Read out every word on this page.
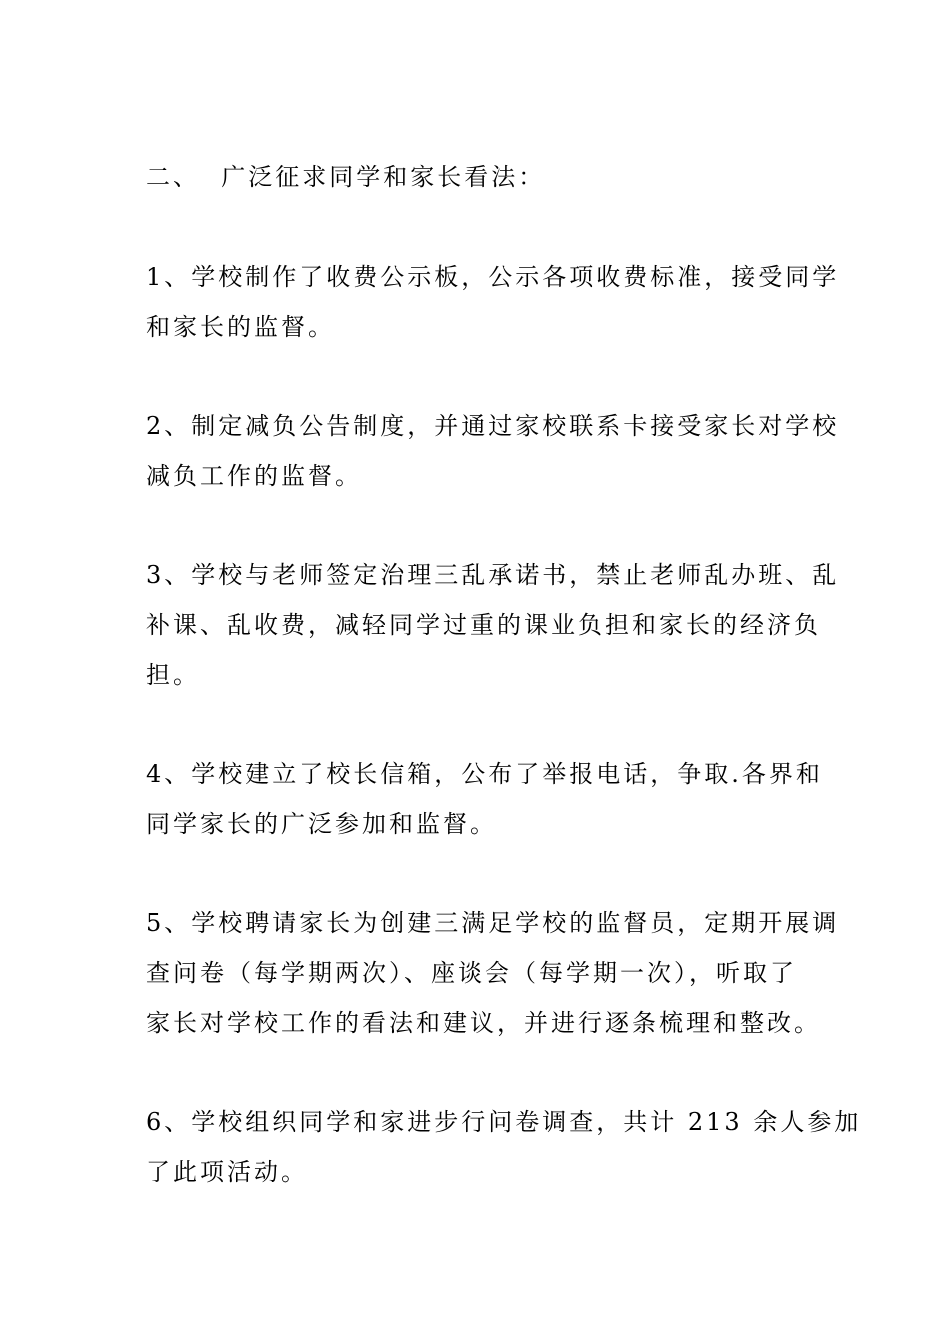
二、  广泛征求同学和家长看法：
1、学校制作了收费公示板，公示各项收费标准，接受同学
和家长的监督。
2、制定减负公告制度，并通过家校联系卡接受家长对学校
减负工作的监督。
3、学校与老师签定治理三乱承诺书，禁止老师乱办班、乱
补课、乱收费，减轻同学过重的课业负担和家长的经济负
担。
4、学校建立了校长信箱，公布了举报电话，争取.各界和
同学家长的广泛参加和监督。
5、学校聘请家长为创建三满足学校的监督员，定期开展调
查问卷（每学期两次）、座谈会（每学期一次），听取了
家长对学校工作的看法和建议，并进行逐条梳理和整改。
6、学校组织同学和家进步行问卷调查，共计 213 余人参加
了此项活动。
